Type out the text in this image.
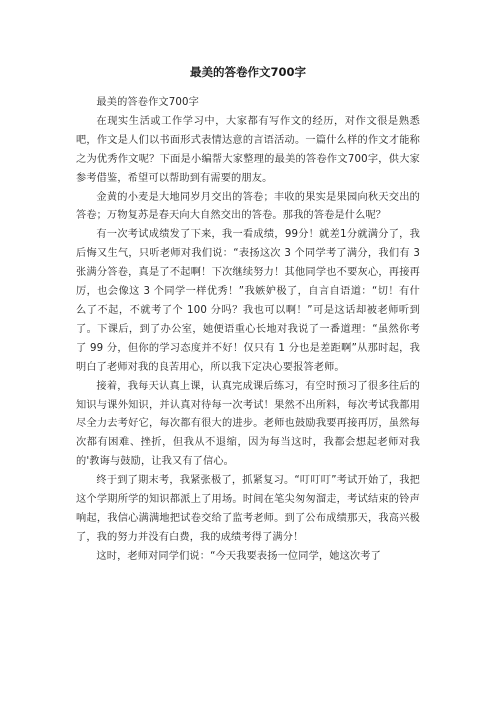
最美的答卷作文700字

最美的答卷作文700字

在现实生活或工作学习中，大家都有写作文的经历，对作文很是熟悉吧，作文是人们以书面形式表情达意的言语活动。一篇什么样的作文才能称之为优秀作文呢？下面是小编帮大家整理的最美的答卷作文700字，供大家参考借鉴，希望可以帮助到有需要的朋友。

金黄的小麦是大地同岁月交出的答卷；丰收的果实是果园向秋天交出的答卷；万物复苏是春天向大自然交出的答卷。那我的答卷是什么呢？

有一次考试成绩发了下来，我一看成绩，99分！就差1分就满分了，我后悔又生气，只听老师对我们说：“表扬这次 3 个同学考了满分，我们有 3 张满分答卷，真是了不起啊！下次继续努力！其他同学也不要灰心，再接再厉，也会像这 3 个同学一样优秀！”我嫉妒极了，自言自语道：“切！有什么了不起，不就考了个 100 分吗？我也可以啊！”可是这话却被老师听到了。下课后，到了办公室，她便语重心长地对我说了一番道理：“虽然你考了 99 分，但你的学习态度并不好！仅只有 1 分也是差距啊”从那时起，我明白了老师对我的良苦用心，所以我下定决心要报答老师。

接着，我每天认真上课，认真完成课后练习，有空时预习了很多往后的知识与课外知识，并认真对待每一次考试！果然不出所料，每次考试我都用尽全力去考好它，每次都有很大的进步。老师也鼓励我要再接再厉，虽然每次都有困难、挫折，但我从不退缩，因为每当这时，我都会想起老师对我的'教诲与鼓励，让我又有了信心。

终于到了期末考，我紧张极了，抓紧复习。“叮叮叮”考试开始了，我把这个学期所学的知识都派上了用场。时间在笔尖匆匆溜走，考试结束的铃声响起，我信心满满地把试卷交给了监考老师。到了公布成绩那天，我高兴极了，我的努力并没有白费，我的成绩考得了满分！

这时，老师对同学们说：“今天我要表扬一位同学，她这次考了
